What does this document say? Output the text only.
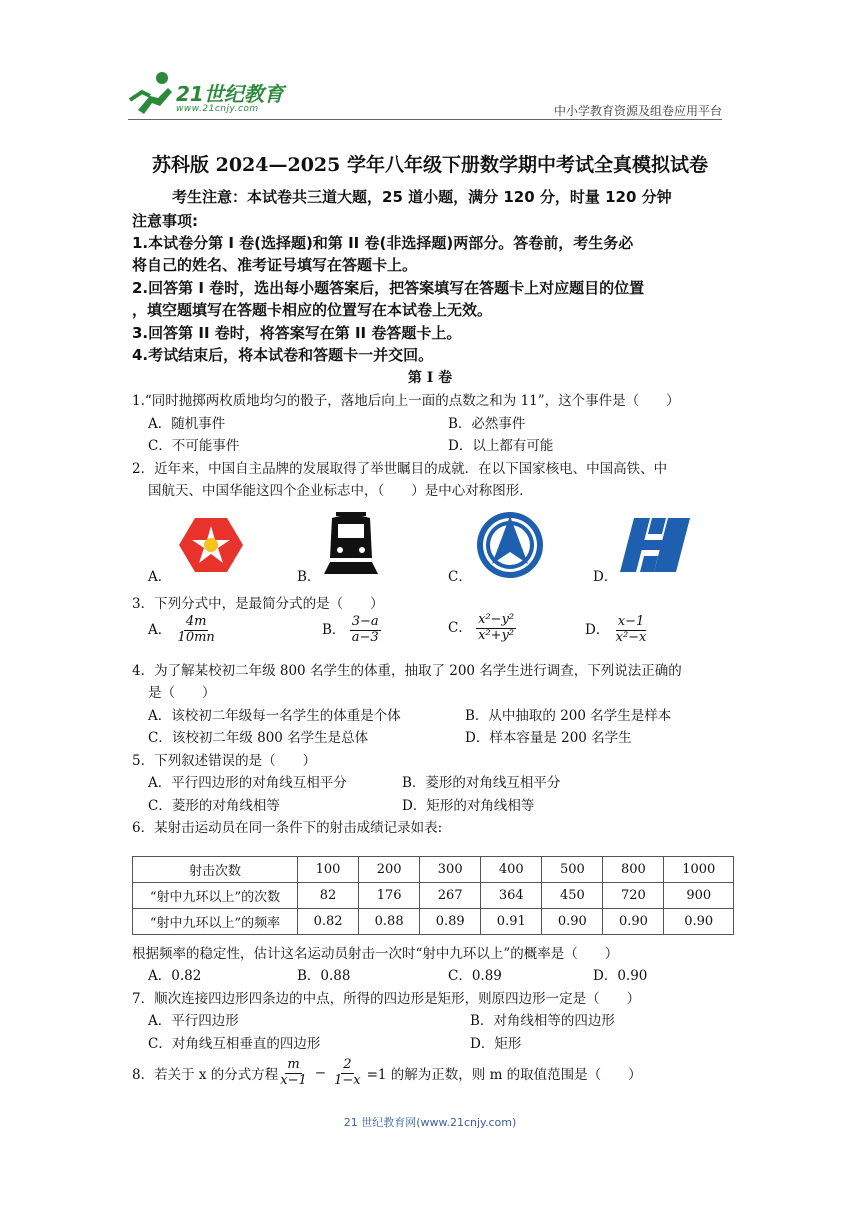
21世纪教育
www.21cnjy.com	中小学教育资源及组卷应用平台
苏科版 2024—2025 学年八年级下册数学期中考试全真模拟试卷
考生注意：本试卷共三道大题，25 道小题，满分 120 分，时量 120 分钟
注意事项:
1.本试卷分第 I 卷(选择题)和第 II 卷(非选择题)两部分。答卷前，考生务必
将自己的姓名、准考证号填写在答题卡上。
2.回答第 I 卷时，选出每小题答案后，把答案填写在答题卡上对应题目的位置
，填空题填写在答题卡相应的位置写在本试卷上无效。
3.回答第 II 卷时，将答案写在第 II 卷答题卡上。
4.考试结束后，将本试卷和答题卡一并交回。
第 I 卷
1.“同时抛掷两枚质地均匀的骰子，落地后向上一面的点数之和为 11”，这个事件是（　　）
A．随机事件	B．必然事件
C．不可能事件	D．以上都有可能
2．近年来，中国自主品牌的发展取得了举世瞩目的成就．在以下国家核电、中国高铁、中
国航天、中国华能这四个企业标志中，（　　）是中心对称图形．
A．	B．	C．	D．
3．下列分式中，是最简分式的是（　　）
A． $\frac{4m}{10mn}$	B． $\frac{3-a}{a-3}$	C． $\frac{\text{x²−y²}}{\text{x²+y²}}$	D． $\frac{x-1}{\text{x²−x}}$
4．为了解某校初二年级 800 名学生的体重，抽取了 200 名学生进行调查，下列说法正确的
是（　　）
A．该校初二年级每一名学生的体重是个体	B．从中抽取的 200 名学生是样本
C．该校初二年级 800 名学生是总体	D．样本容量是 200 名学生
5．下列叙述错误的是（　　）
A．平行四边形的对角线互相平分	B．菱形的对角线互相平分
C．菱形的对角线相等	D．矩形的对角线相等
6．某射击运动员在同一条件下的射击成绩记录如表:
射击次数	100	200	300	400	500	800	1000
“射中九环以上”的次数	82	176	267	364	450	720	900
“射中九环以上”的频率	0.82	0.88	0.89	0.91	0.90	0.90	0.90
根据频率的稳定性，估计这名运动员射击一次时“射中九环以上”的概率是（　　）
A．0.82	B．0.88	C．0.89	D．0.90
7．顺次连接四边形四条边的中点，所得的四边形是矩形，则原四边形一定是（　　）
A．平行四边形	B．对角线相等的四边形
C．对角线互相垂直的四边形	D．矩形
8．若关于 x 的分式方程 $\frac{m}{x-1} - \frac{2}{1-x} =1$ 的解为正数，则 m 的取值范围是（　　）
21 世纪教育网(www.21cnjy.com)
